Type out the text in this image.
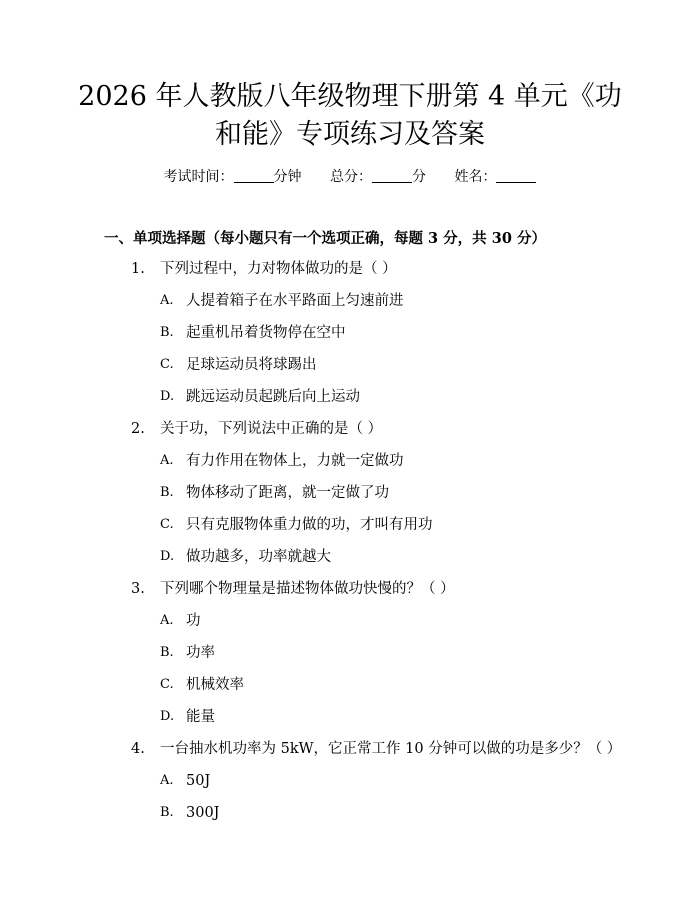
2026 年人教版八年级物理下册第 4 单元《功
和能》专项练习及答案
考试时间：	分钟 总分：	分 姓名：
一、单项选择题（每小题只有一个选项正确，每题 3 分，共 30 分）
1. 下列过程中，力对物体做功的是（ ）
A. 人提着箱子在水平路面上匀速前进
B. 起重机吊着货物停在空中
C. 足球运动员将球踢出
D. 跳远运动员起跳后向上运动
2. 关于功，下列说法中正确的是（ ）
A. 有力作用在物体上，力就一定做功
B. 物体移动了距离，就一定做了功
C. 只有克服物体重力做的功，才叫有用功
D. 做功越多，功率就越大
3. 下列哪个物理量是描述物体做功快慢的？（ ）
A. 功
B. 功率
C. 机械效率
D. 能量
4. 一台抽水机功率为 5kW，它正常工作 10 分钟可以做的功是多少？（ ）
A. 50J
B. 300J
